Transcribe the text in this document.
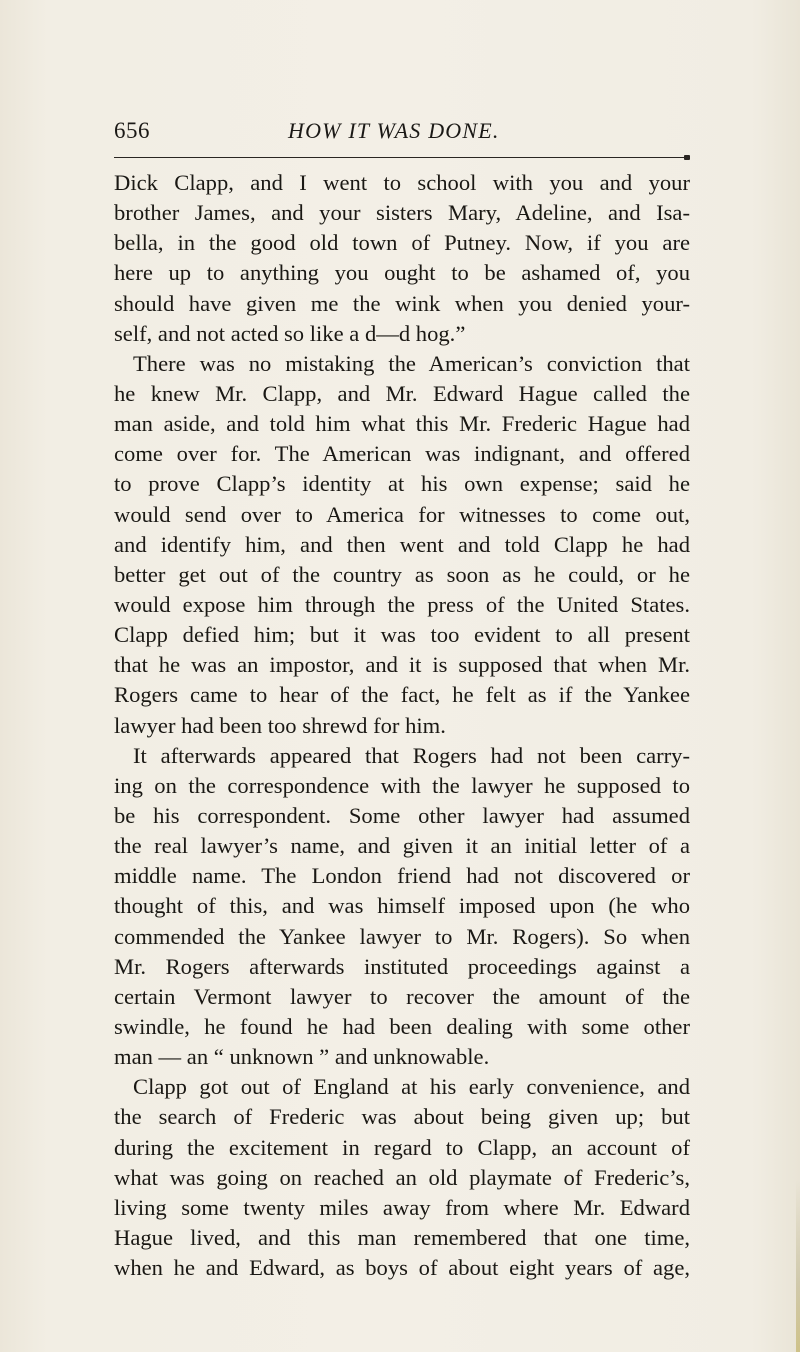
656	HOW IT WAS DONE.
Dick Clapp, and I went to school with you and your
brother James, and your sisters Mary, Adeline, and Isa-
bella, in the good old town of Putney. Now, if you are
here up to anything you ought to be ashamed of, you
should have given me the wink when you denied your-
self, and not acted so like a d—d hog.”
There was no mistaking the American’s conviction that
he knew Mr. Clapp, and Mr. Edward Hague called the
man aside, and told him what this Mr. Frederic Hague had
come over for. The American was indignant, and offered
to prove Clapp’s identity at his own expense; said he
would send over to America for witnesses to come out,
and identify him, and then went and told Clapp he had
better get out of the country as soon as he could, or he
would expose him through the press of the United States.
Clapp defied him; but it was too evident to all present
that he was an impostor, and it is supposed that when Mr.
Rogers came to hear of the fact, he felt as if the Yankee
lawyer had been too shrewd for him.
It afterwards appeared that Rogers had not been carry-
ing on the correspondence with the lawyer he supposed to
be his correspondent. Some other lawyer had assumed
the real lawyer’s name, and given it an initial letter of a
middle name. The London friend had not discovered or
thought of this, and was himself imposed upon (he who
commended the Yankee lawyer to Mr. Rogers). So when
Mr. Rogers afterwards instituted proceedings against a
certain Vermont lawyer to recover the amount of the
swindle, he found he had been dealing with some other
man — an “ unknown ” and unknowable.
Clapp got out of England at his early convenience, and
the search of Frederic was about being given up; but
during the excitement in regard to Clapp, an account of
what was going on reached an old playmate of Frederic’s,
living some twenty miles away from where Mr. Edward
Hague lived, and this man remembered that one time,
when he and Edward, as boys of about eight years of age,
